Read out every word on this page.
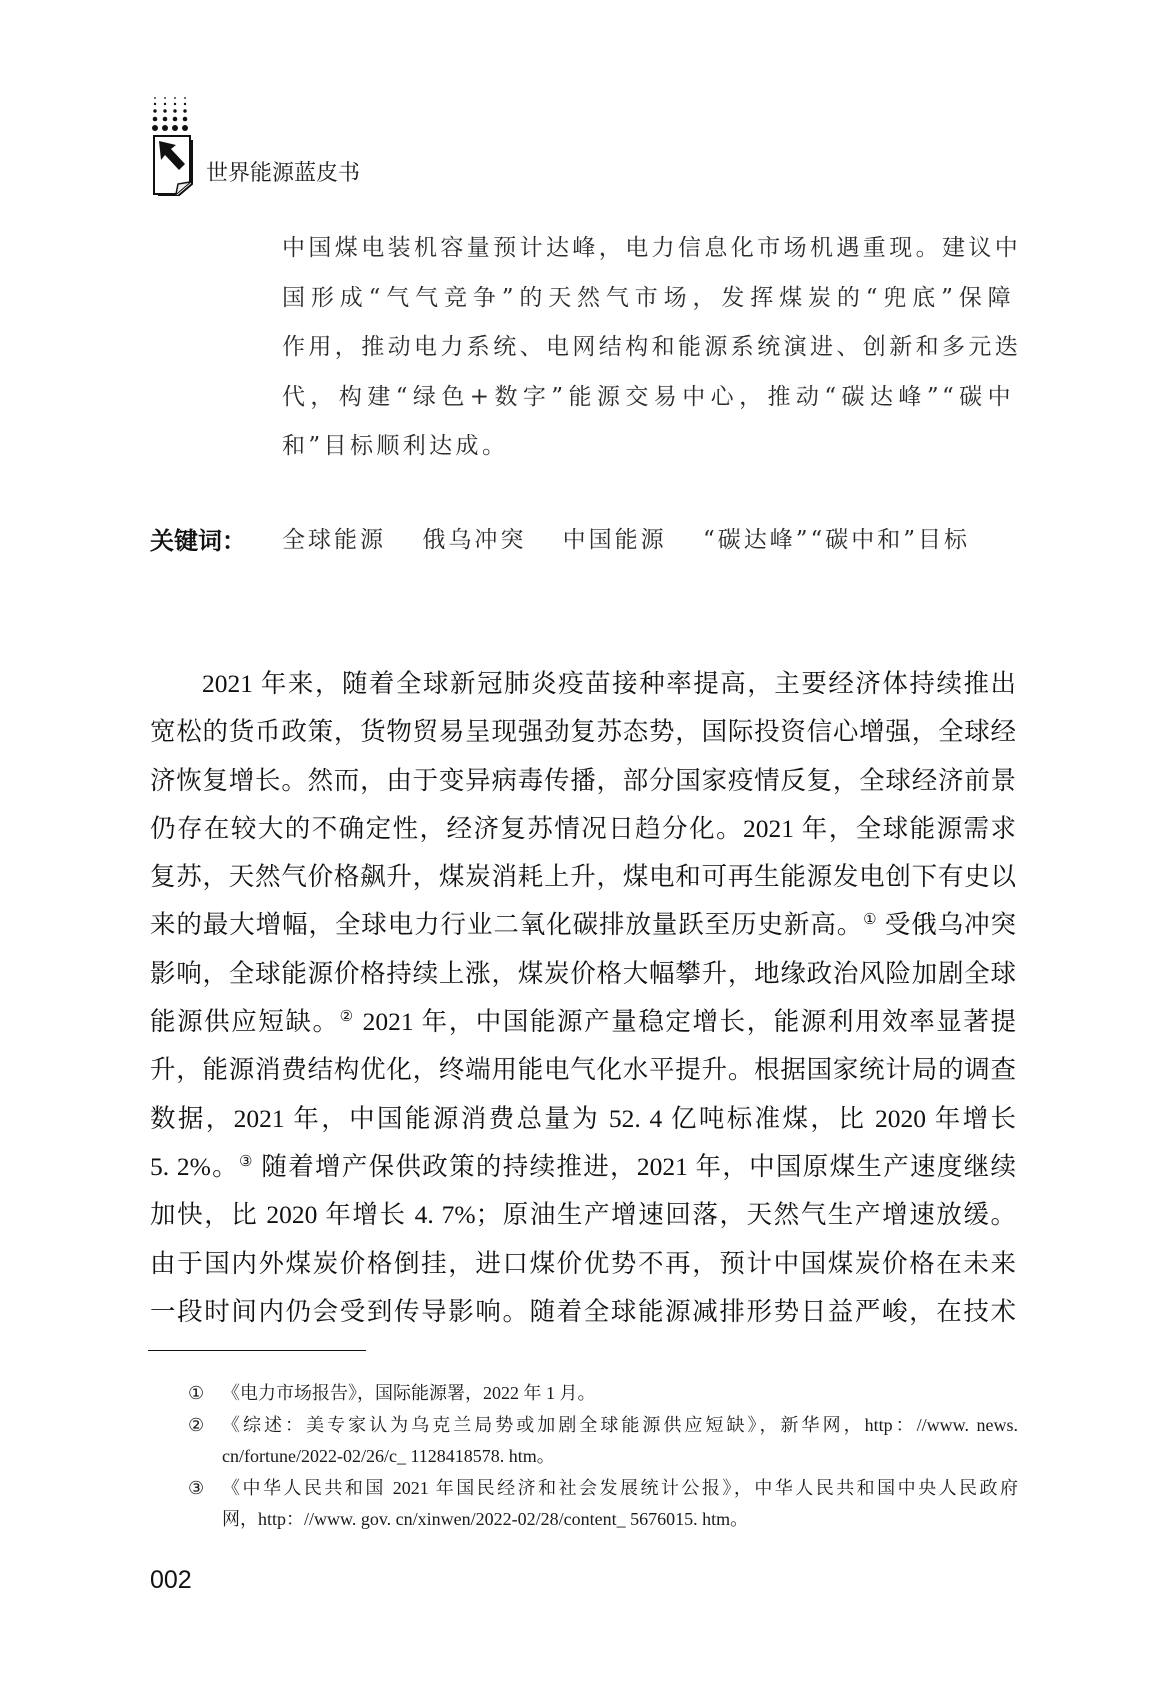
世界能源蓝皮书
中国煤电装机容量预计达峰，电力信息化市场机遇重现。建议中
国形成“气气竞争”的天然气市场，发挥煤炭的“兜底”保障
作用，推动电力系统、电网结构和能源系统演进、创新和多元迭
代，构建“绿色+数字”能源交易中心，推动“碳达峰”“碳中
和”目标顺利达成。
关键词： 全球能源 俄乌冲突 中国能源 “碳达峰”“碳中和”目标
2021 年来，随着全球新冠肺炎疫苗接种率提高，主要经济体持续推出
宽松的货币政策，货物贸易呈现强劲复苏态势，国际投资信心增强，全球经
济恢复增长。然而，由于变异病毒传播，部分国家疫情反复，全球经济前景
仍存在较大的不确定性，经济复苏情况日趋分化。2021 年，全球能源需求
复苏，天然气价格飙升，煤炭消耗上升，煤电和可再生能源发电创下有史以
来的最大增幅，全球电力行业二氧化碳排放量跃至历史新高。① 受俄乌冲突
影响，全球能源价格持续上涨，煤炭价格大幅攀升，地缘政治风险加剧全球
能源供应短缺。② 2021 年，中国能源产量稳定增长，能源利用效率显著提
升，能源消费结构优化，终端用能电气化水平提升。根据国家统计局的调查
数据，2021 年，中国能源消费总量为 52. 4 亿吨标准煤，比 2020 年增长
5. 2%。③ 随着增产保供政策的持续推进，2021 年，中国原煤生产速度继续
加快，比 2020 年增长 4. 7%；原油生产增速回落，天然气生产增速放缓。
由于国内外煤炭价格倒挂，进口煤价优势不再，预计中国煤炭价格在未来
一段时间内仍会受到传导影响。随着全球能源减排形势日益严峻，在技术
① 《电力市场报告》，国际能源署，2022 年 1 月。
② 《综述：美专家认为乌克兰局势或加剧全球能源供应短缺》，新华网，http：//www. news.
cn/fortune/2022-02/26/c_ 1128418578. htm。
③ 《中华人民共和国 2021 年国民经济和社会发展统计公报》，中华人民共和国中央人民政府
网，http：//www. gov. cn/xinwen/2022-02/28/content_ 5676015. htm。
002
